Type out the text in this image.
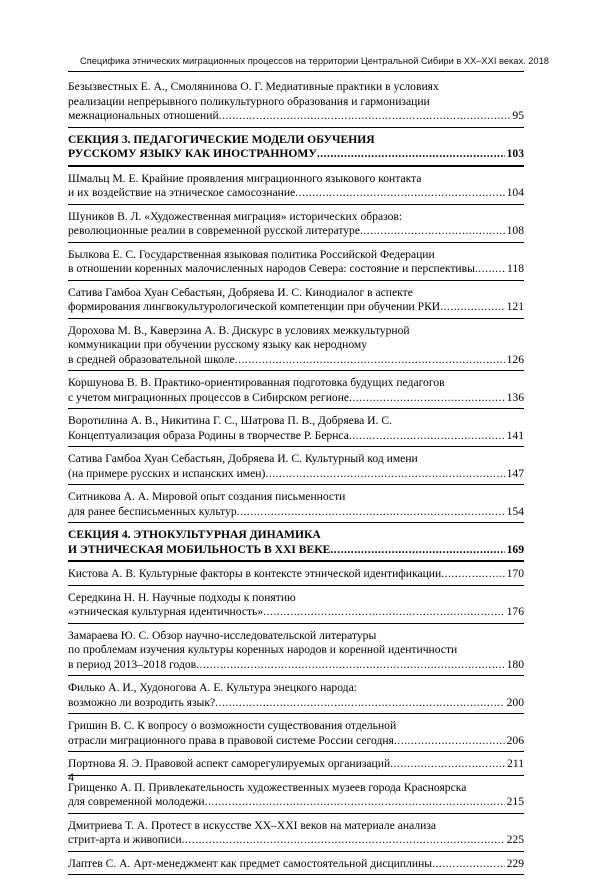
Специфика этнических миграционных процессов на территории Центральной Сибири в XX–XXI веках. 2018
Безызвестных Е. А., Смолянинова О. Г. Медиативные практики в условиях
реализации непрерывного поликультурного образования и гармонизации
межнациональных отношений .....	95
СЕКЦИЯ 3. ПЕДАГОГИЧЕСКИЕ МОДЕЛИ ОБУЧЕНИЯ
РУССКОМУ ЯЗЫКУ КАК ИНОСТРАННОМУ .....	103
Шмальц М. Е. Крайние проявления миграционного языкового контакта
и их воздействие на этническое самосознание .....	104
Шуников В. Л. «Художественная миграция» исторических образов:
революционные реалии в современной русской литературе .....	108
Былкова Е. С. Государственная языковая политика Российской Федерации
в отношении коренных малочисленных народов Севера: состояние и перспективы .....	118
Сатива Гамбоа Хуан Себастьян, Добряева И. С. Кинодиалог в аспекте
формирования лингвокультурологической компетенции при обучении РКИ .....	121
Дорохова М. В., Каверзина А. В. Дискурс в условиях межкультурной
коммуникации при обучении русскому языку как неродному
в средней образовательной школе .....	126
Коршунова В. В. Практико-ориентированная подготовка будущих педагогов
с учетом миграционных процессов в Сибирском регионе .....	136
Воротилина А. В., Никитина Г. С., Шатрова П. В., Добряева И. С.
Концептуализация образа Родины в творчестве Р. Бернса .....	141
Сатива Гамбоа Хуан Себастьян, Добряева И. С. Культурный код имени
(на примере русских и испанских имен) .....	147
Ситникова А. А. Мировой опыт создания письменности
для ранее бесписьменных культур .....	154
СЕКЦИЯ 4. ЭТНОКУЛЬТУРНАЯ ДИНАМИКА
И ЭТНИЧЕСКАЯ МОБИЛЬНОСТЬ В XXI ВЕКЕ .....	169
Кистова А. В. Культурные факторы в контексте этнической идентификации .....	170
Середкина Н. Н. Научные подходы к понятию
«этническая культурная идентичность» .....	176
Замараева Ю. С. Обзор научно-исследовательской литературы
по проблемам изучения культуры коренных народов и коренной идентичности
в период 2013–2018 годов .....	180
Филько А. И., Худоногова А. Е. Культура энецкого народа:
возможно ли возродить язык? .....	200
Гришин В. С. К вопросу о возможности существования отдельной
отрасли миграционного права в правовой системе России сегодня .....	206
Портнова Я. Э. Правовой аспект саморегулируемых организаций .....	211
Грищенко А. П. Привлекательность художественных музеев города Красноярска
для современной молодежи .....	215
Дмитриева Т. А. Протест в искусстве XX–XXI веков на материале анализа
стрит-арта и живописи .....	225
Лаптев С. А. Арт-менеджмент как предмет самостоятельной дисциплины .....	229
4
